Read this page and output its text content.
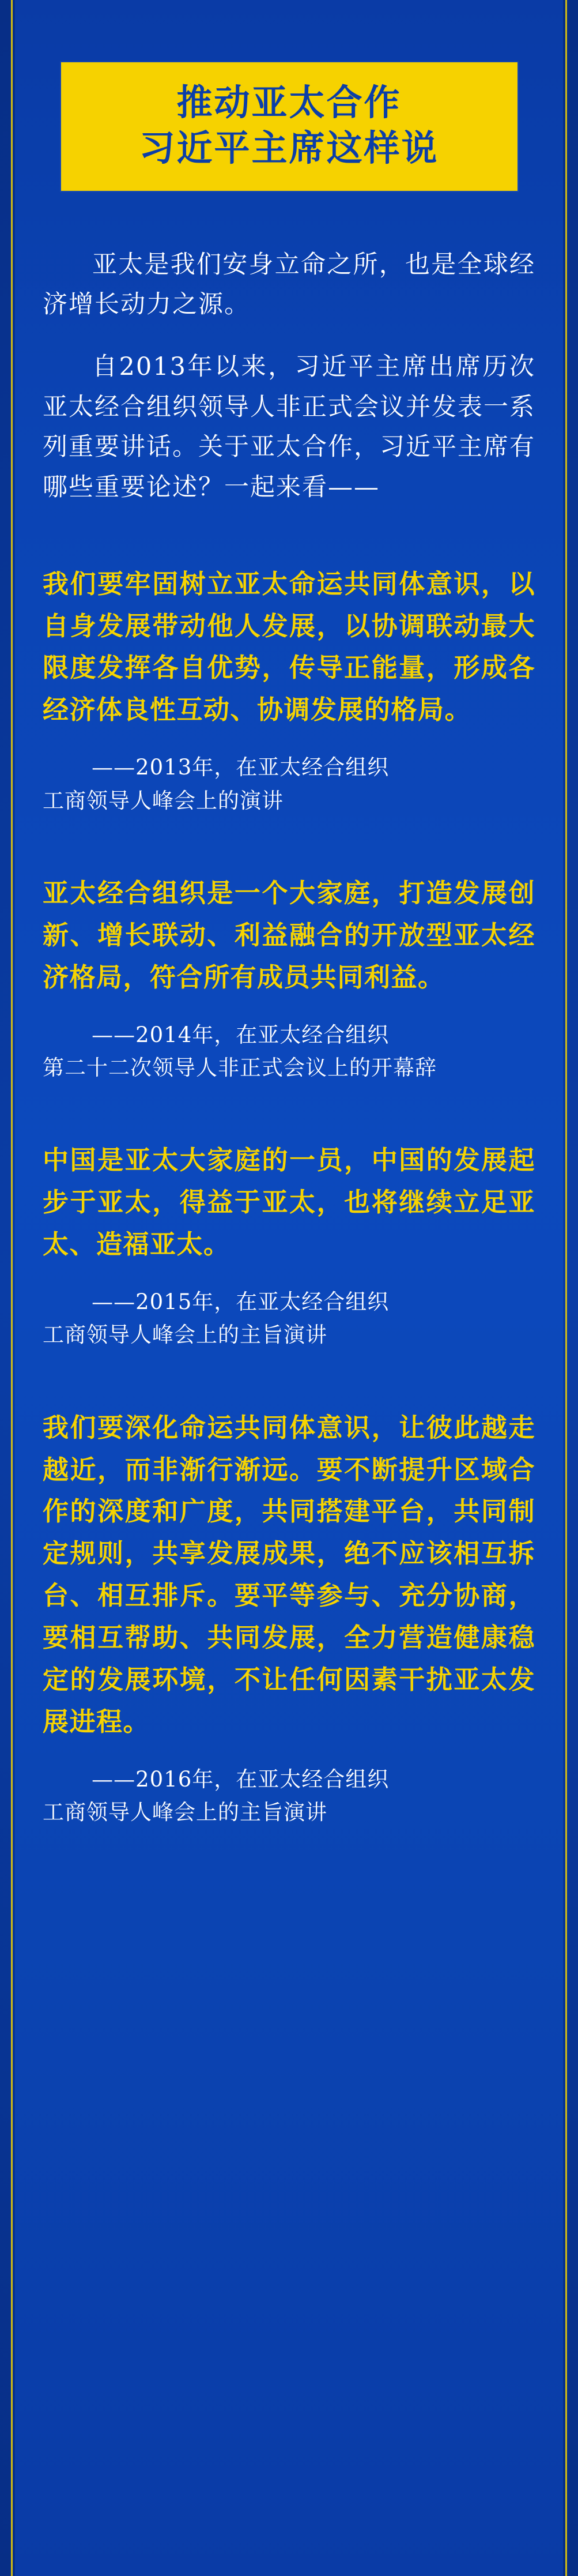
推动亚太合作
习近平主席这样说

亚太是我们安身立命之所，也是全球经济增长动力之源。

自2013年以来，习近平主席出席历次亚太经合组织领导人非正式会议并发表一系列重要讲话。关于亚太合作，习近平主席有哪些重要论述？一起来看——

我们要牢固树立亚太命运共同体意识，以自身发展带动他人发展，以协调联动最大限度发挥各自优势，传导正能量，形成各经济体良性互动、协调发展的格局。
——2013年，在亚太经合组织
工商领导人峰会上的演讲
亚太经合组织是一个大家庭，打造发展创新、增长联动、利益融合的开放型亚太经济格局，符合所有成员共同利益。
——2014年，在亚太经合组织
第二十二次领导人非正式会议上的开幕辞
中国是亚太大家庭的一员，中国的发展起步于亚太，得益于亚太，也将继续立足亚太、造福亚太。
——2015年，在亚太经合组织
工商领导人峰会上的主旨演讲
我们要深化命运共同体意识，让彼此越走越近，而非渐行渐远。要不断提升区域合作的深度和广度，共同搭建平台，共同制定规则，共享发展成果，绝不应该相互拆台、相互排斥。要平等参与、充分协商，要相互帮助、共同发展，全力营造健康稳定的发展环境，不让任何因素干扰亚太发展进程。
——2016年，在亚太经合组织
工商领导人峰会上的主旨演讲
